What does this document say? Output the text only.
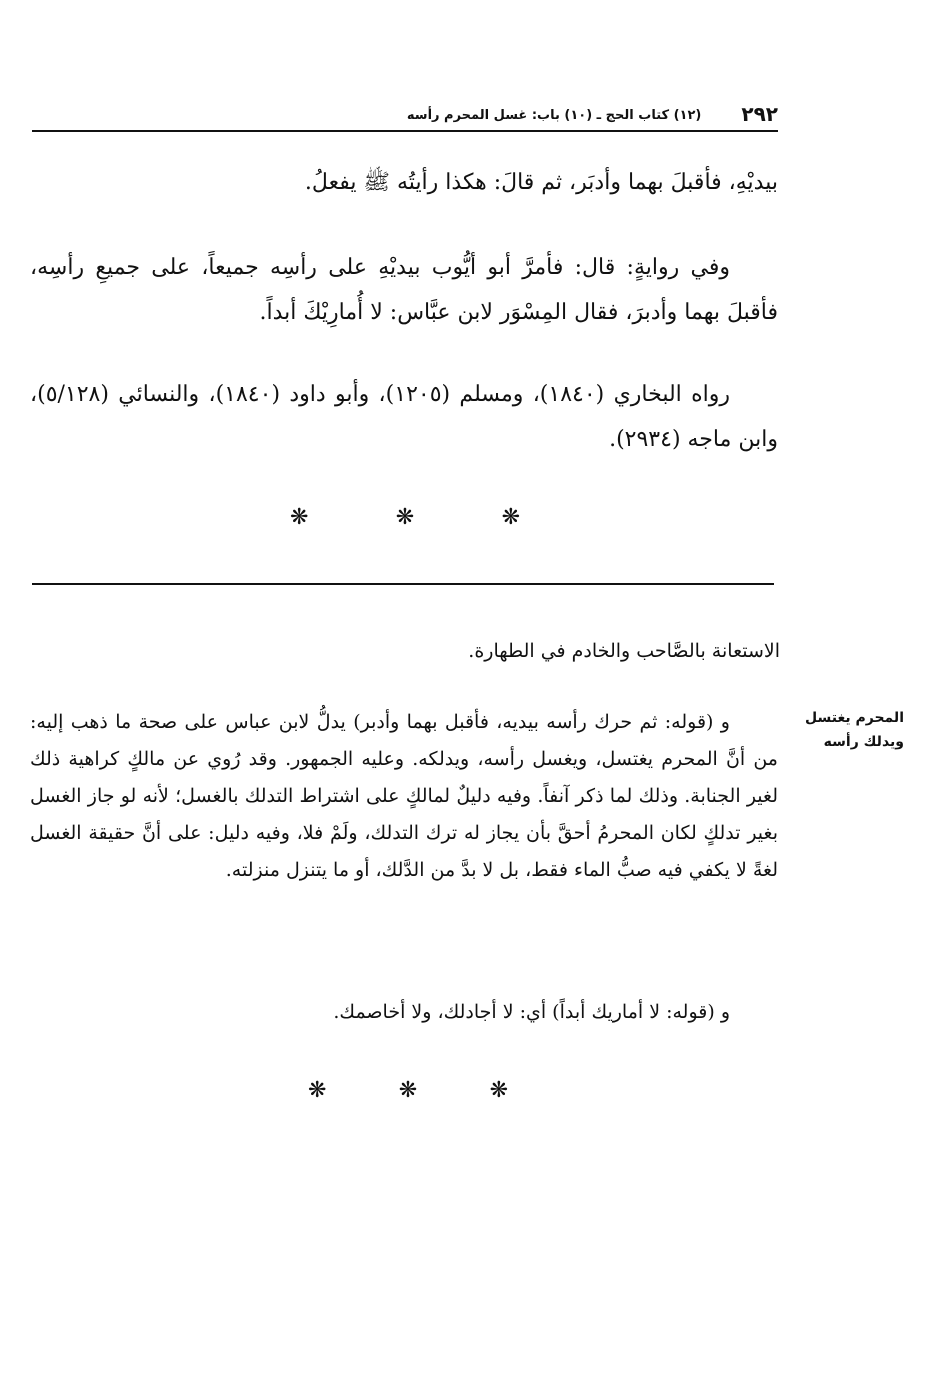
٢٩٢
(١٢) كتاب الحج ـ (١٠) باب: غسل المحرم رأسه

بيديْهِ، فأقبلَ بهما وأدبَر، ثم قالَ: هكذا رأيتُه ﷺ يفعلُ.

وفي روايةٍ: قال: فأمرَّ أبو أيُّوب بيديْهِ على رأسِه جميعاً، على جميعِ رأسِه، فأقبلَ بهما وأدبرَ، فقال المِسْوَر لابن عبَّاس: لا أُمارِيْكَ أبداً.

رواه البخاري (١٨٤٠)، ومسلم (١٢٠٥)، وأبو داود (١٨٤٠)، والنسائي (٥/١٢٨)، وابن ماجه (٢٩٣٤).

❋	❋	❋

الاستعانة بالصَّاحب والخادم في الطهارة.

المحرم يغتسل
ويدلك رأسه

و (قوله: ثم حرك رأسه بيديه، فأقبل بهما وأدبر) يدلُّ لابن عباس على صحة ما ذهب إليه: من أنَّ المحرم يغتسل، ويغسل رأسه، ويدلكه. وعليه الجمهور. وقد رُوي عن مالكٍ كراهية ذلك لغير الجنابة. وذلك لما ذكر آنفاً. وفيه دليلٌ لمالكٍ على اشتراط التدلك بالغسل؛ لأنه لو جاز الغسل بغير تدلكٍ لكان المحرمُ أحقَّ بأن يجاز له ترك التدلك، ولَمْ فلا، وفيه دليل: على أنَّ حقيقة الغسل لغةً لا يكفي فيه صبُّ الماء فقط، بل لا بدَّ من الدَّلك، أو ما يتنزل منزلته.

و (قوله: لا أماريك أبداً) أي: لا أجادلك، ولا أخاصمك.

❋	❋	❋
